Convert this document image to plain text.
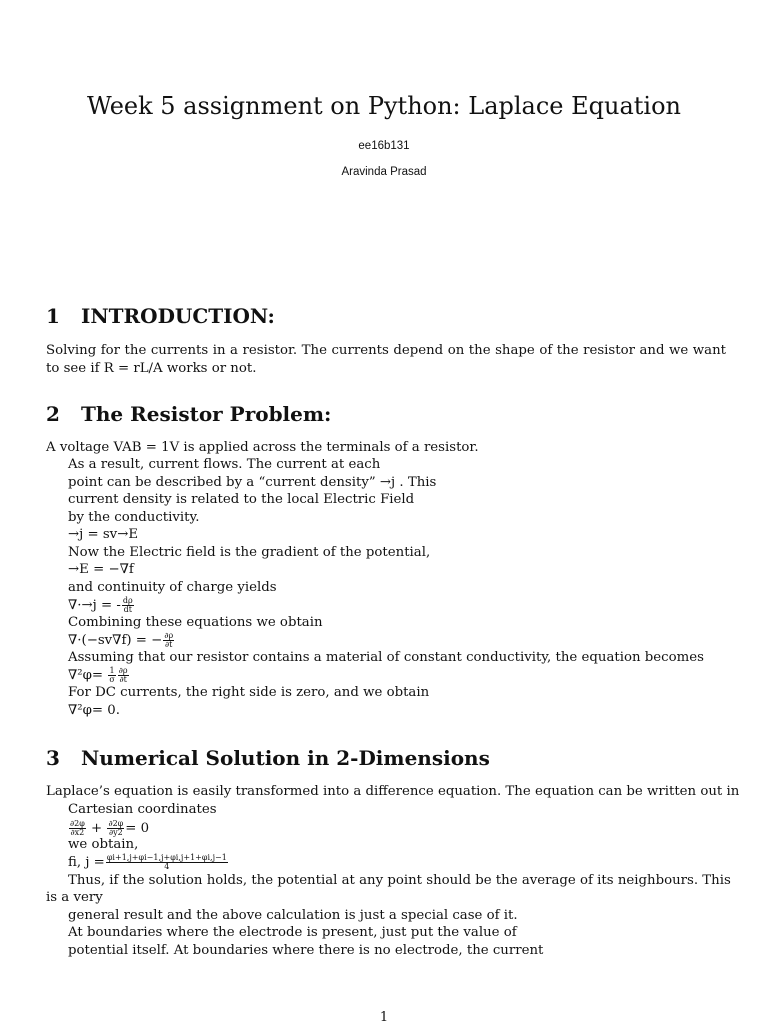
Week 5 assignment on Python: Laplace Equation
ee16b131
Aravinda Prasad
1 INTRODUCTION:
Solving for the currents in a resistor. The currents depend on the shape of the resistor and we want to see if R = rL/A works or not.
2 The Resistor Problem:
A voltage VAB = 1V is applied across the terminals of a resistor.
As a result, current flows. The current at each
point can be described by a “current density” →j . This
current density is related to the local Electric Field
by the conductivity.
→j = sv→E
Now the Electric field is the gradient of the potential,
→E = −∇f
and continuity of charge yields
∇·→j = - $\frac{d\rho}{dt}$
Combining these equations we obtain
∇·(−sv∇f) = − $\frac{\partial\rho}{\partial t}$
Assuming that our resistor contains a material of constant conductivity, the equation becomes
$\nabla^2\varphi= \frac{1}{\sigma} \frac{\partial\rho}{\partial t}$
For DC currents, the right side is zero, and we obtain
∇²φ= 0.
3 Numerical Solution in 2-Dimensions
Laplace’s equation is easily transformed into a difference equation. The equation can be written out in
Cartesian coordinates
$\frac{\partial 2\varphi}{\partial x2} + \frac{\partial 2\varphi}{\partial y2} = 0$
we obtain,
fi, $j = \frac{\varphi i+1,j+\varphi i-1,j+\varphi i,j+1+\varphi i,j-1}{4}$
Thus, if the solution holds, the potential at any point should be the average of its neighbours. This
is a very
general result and the above calculation is just a special case of it.
At boundaries where the electrode is present, just put the value of
potential itself. At boundaries where there is no electrode, the current
1
